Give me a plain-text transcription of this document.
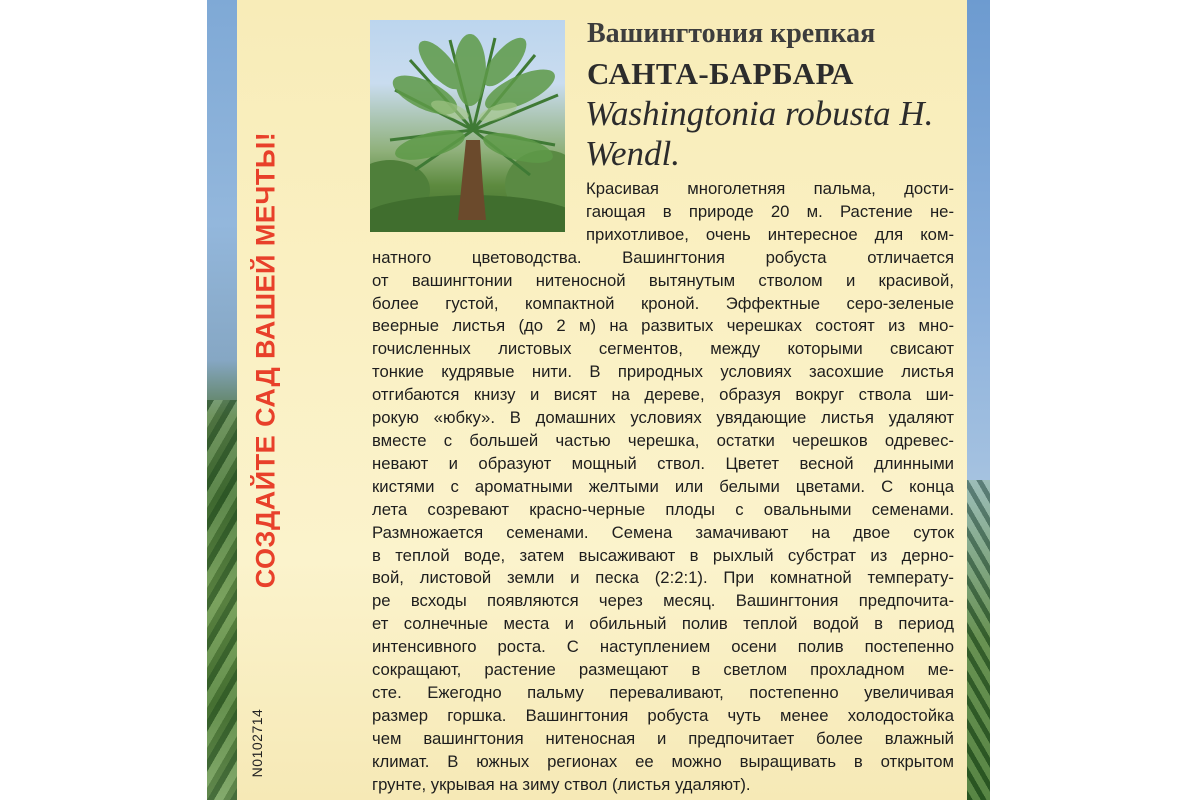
СОЗДАЙТЕ САД ВАШЕЙ МЕЧТЫ!
N0102714
Вашингтония крепкая
САНТА-БАРБАРА
Washingtonia robusta H.
Wendl.
Красивая многолетняя пальма, дости-
гающая в природе 20 м. Растение не-
прихотливое, очень интересное для ком-
натного цветоводства. Вашингтония робуста отличается
от вашингтонии нитеносной вытянутым стволом и красивой,
более густой, компактной кроной. Эффектные серо-зеленые
веерные листья (до 2 м) на развитых черешках состоят из мно-
гочисленных листовых сегментов, между которыми свисают
тонкие кудрявые нити. В природных условиях засохшие листья
отгибаются книзу и висят на дереве, образуя вокруг ствола ши-
рокую «юбку». В домашних условиях увядающие листья удаляют
вместе с большей частью черешка, остатки черешков одревес-
невают и образуют мощный ствол. Цветет весной длинными
кистями с ароматными желтыми или белыми цветами. С конца
лета созревают красно-черные плоды с овальными семенами.
Размножается семенами. Семена замачивают на двое суток
в теплой воде, затем высаживают в рыхлый субстрат из дерно-
вой, листовой земли и песка (2:2:1). При комнатной температу-
ре всходы появляются через месяц. Вашингтония предпочита-
ет солнечные места и обильный полив теплой водой в период
интенсивного роста. С наступлением осени полив постепенно
сокращают, растение размещают в светлом прохладном ме-
сте. Ежегодно пальму переваливают, постепенно увеличивая
размер горшка. Вашингтония робуста чуть менее холодостойка
чем вашингтония нитеносная и предпочитает более влажный
климат. В южных регионах ее можно выращивать в открытом
грунте, укрывая на зиму ствол (листья удаляют).
